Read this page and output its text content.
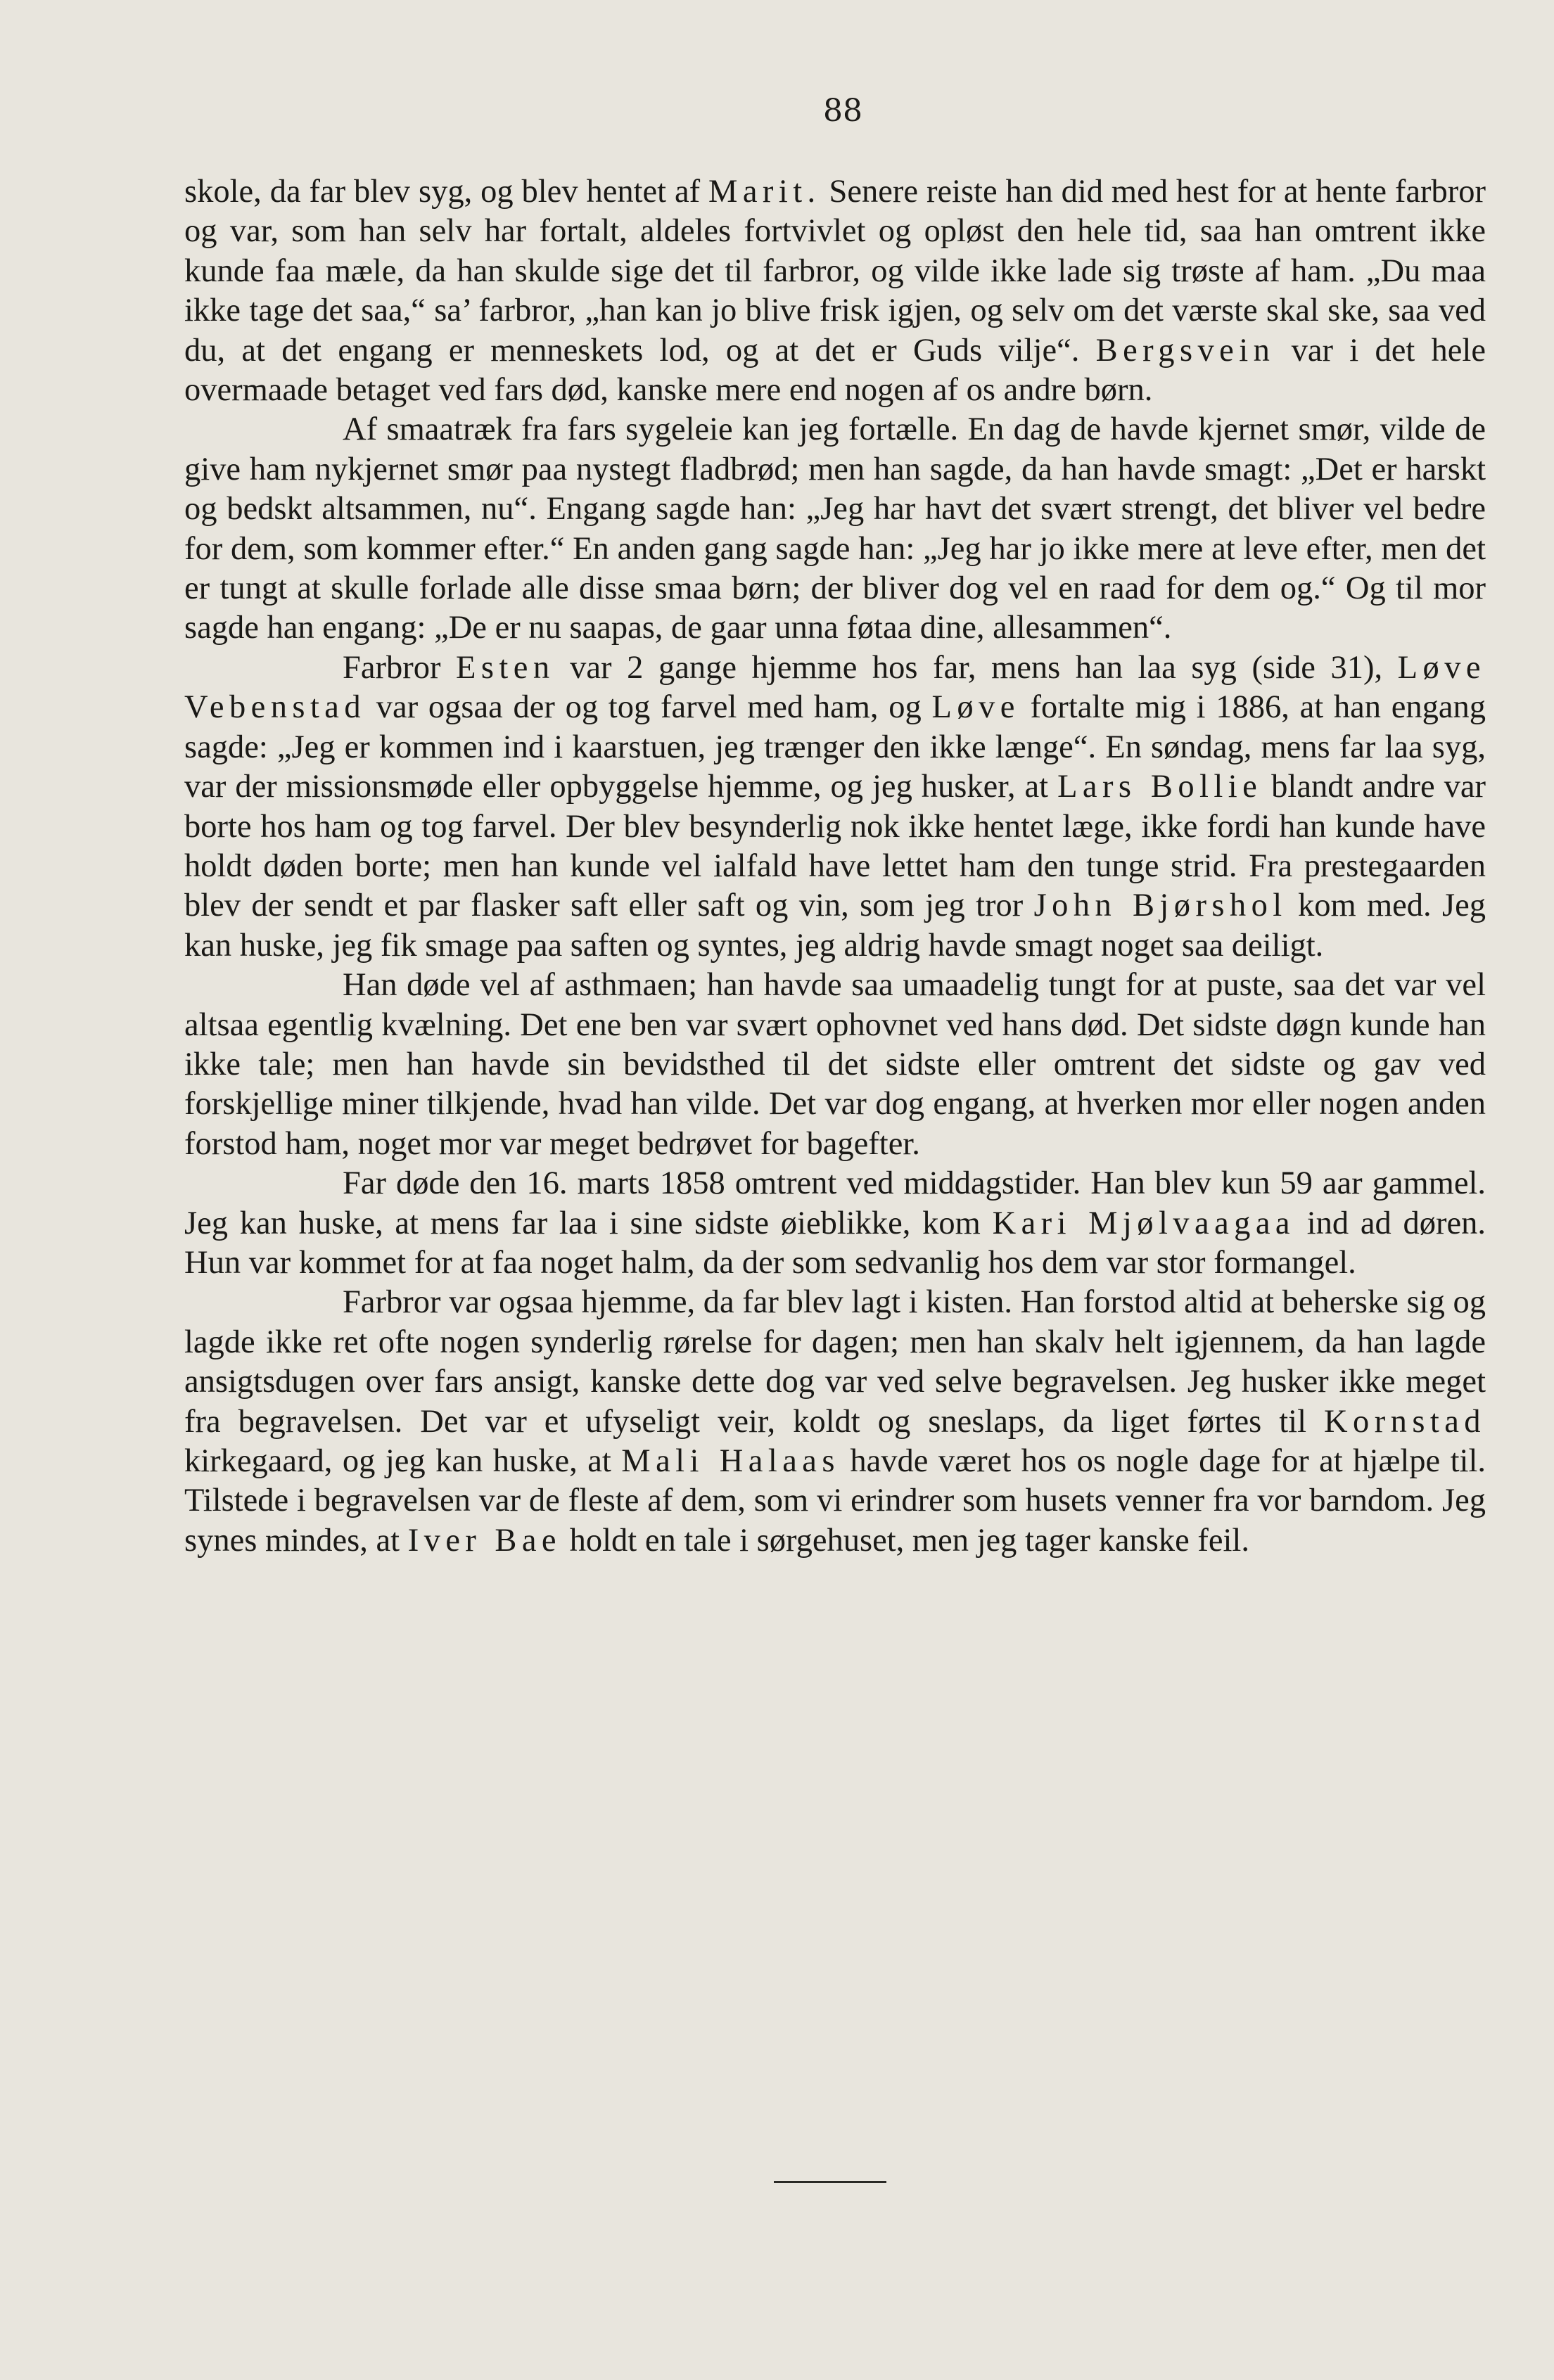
88

skole, da far blev syg, og blev hentet af Marit. Senere reiste han did med hest for at hente farbror og var, som han selv har fortalt, aldeles fortvivlet og opløst den hele tid, saa han omtrent ikke kunde faa mæle, da han skulde sige det til farbror, og vilde ikke lade sig trøste af ham. „Du maa ikke tage det saa,“ sa’ farbror, „han kan jo blive frisk igjen, og selv om det værste skal ske, saa ved du, at det engang er menneskets lod, og at det er Guds vilje“. Bergsvein var i det hele overmaade betaget ved fars død, kanske mere end nogen af os andre børn.

Af smaatræk fra fars sygeleie kan jeg fortælle. En dag de havde kjernet smør, vilde de give ham nykjernet smør paa nystegt fladbrød; men han sagde, da han havde smagt: „Det er harskt og bedskt altsammen, nu“. Engang sagde han: „Jeg har havt det svært strengt, det bliver vel bedre for dem, som kommer efter.“ En anden gang sagde han: „Jeg har jo ikke mere at leve efter, men det er tungt at skulle forlade alle disse smaa børn; der bliver dog vel en raad for dem og.“ Og til mor sagde han engang: „De er nu saapas, de gaar unna føtaa dine, allesammen“.

Farbror Esten var 2 gange hjemme hos far, mens han laa syg (side 31), Løve Vebenstad var ogsaa der og tog farvel med ham, og Løve fortalte mig i 1886, at han engang sagde: „Jeg er kommen ind i kaarstuen, jeg trænger den ikke længe“. En søndag, mens far laa syg, var der missionsmøde eller opbyggelse hjemme, og jeg husker, at Lars Bollie blandt andre var borte hos ham og tog farvel. Der blev besynderlig nok ikke hentet læge, ikke fordi han kunde have holdt døden borte; men han kunde vel ialfald have lettet ham den tunge strid. Fra prestegaarden blev der sendt et par flasker saft eller saft og vin, som jeg tror John Bjørshol kom med. Jeg kan huske, jeg fik smage paa saften og syntes, jeg aldrig havde smagt noget saa deiligt.

Han døde vel af asthmaen; han havde saa umaadelig tungt for at puste, saa det var vel altsaa egentlig kvælning. Det ene ben var svært ophovnet ved hans død. Det sidste døgn kunde han ikke tale; men han havde sin bevidsthed til det sidste eller omtrent det sidste og gav ved forskjellige miner tilkjende, hvad han vilde. Det var dog engang, at hverken mor eller nogen anden forstod ham, noget mor var meget bedrøvet for bagefter.

Far døde den 16. marts 1858 omtrent ved middagstider. Han blev kun 59 aar gammel. Jeg kan huske, at mens far laa i sine sidste øieblikke, kom Kari Mjølvaagaa ind ad døren. Hun var kommet for at faa noget halm, da der som sedvanlig hos dem var stor formangel.

Farbror var ogsaa hjemme, da far blev lagt i kisten. Han forstod altid at beherske sig og lagde ikke ret ofte nogen synderlig rørelse for dagen; men han skalv helt igjennem, da han lagde ansigtsdugen over fars ansigt, kanske dette dog var ved selve begravelsen. Jeg husker ikke meget fra begravelsen. Det var et ufyseligt veir, koldt og sneslaps, da liget førtes til Kornstad kirkegaard, og jeg kan huske, at Mali Halaas havde været hos os nogle dage for at hjælpe til. Tilstede i begravelsen var de fleste af dem, som vi erindrer som husets venner fra vor barndom. Jeg synes mindes, at Iver Bae holdt en tale i sørgehuset, men jeg tager kanske feil.
